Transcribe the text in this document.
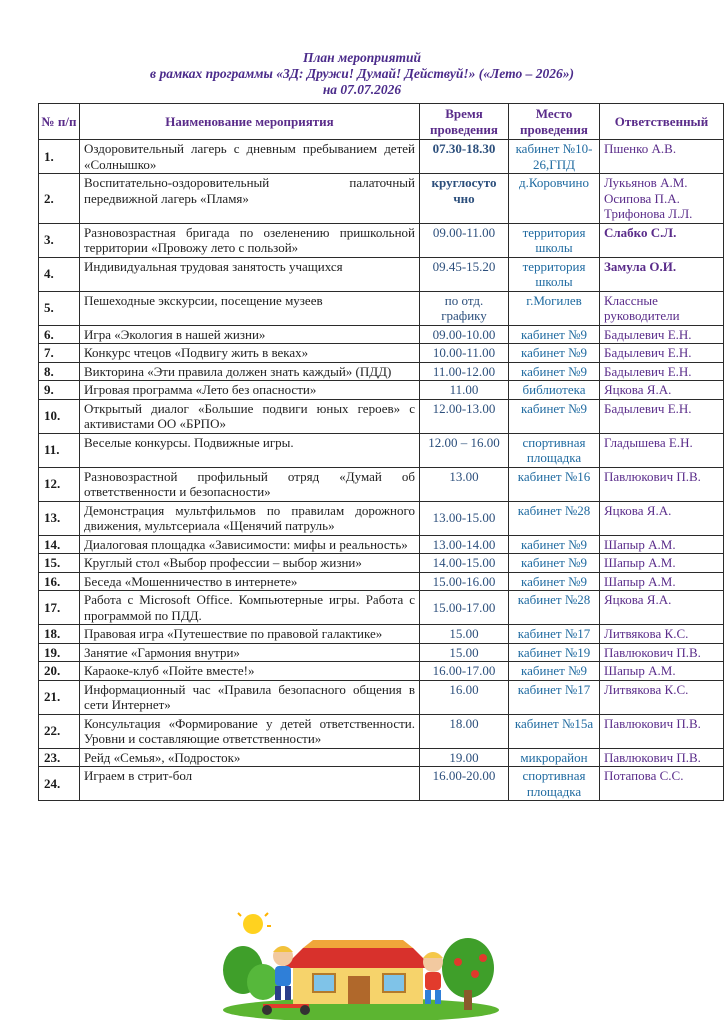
План мероприятий
в рамках программы «3Д: Дружи! Думай! Действуй!» («Лето – 2026»)
на 07.07.2026
№ п/п	Наименование мероприятия	Время проведения	Место проведения	Ответственный
1.	Оздоровительный лагерь с дневным пребыванием детей «Солнышко»	07.30-18.30	кабинет №10-26,ГПД	Пшенко А.В.
2.	Воспитательно-оздоровительный палаточный передвижной лагерь «Пламя»	круглосуто чно	д.Коровчино	Лукьянов А.М. Осипова П.А. Трифонова Л.Л.
3.	Разновозрастная бригада по озеленению пришкольной территории «Провожу лето с пользой»	09.00-11.00	территория школы	Слабко С.Л.
4.	Индивидуальная трудовая занятость учащихся	09.45-15.20	территория школы	Замула О.И.
5.	Пешеходные экскурсии, посещение музеев	по отд. графику	г.Могилев	Классные руководители
6.	Игра «Экология в нашей жизни»	09.00-10.00	кабинет №9	Бадылевич Е.Н.
7.	Конкурс чтецов «Подвигу жить в веках»	10.00-11.00	кабинет №9	Бадылевич Е.Н.
8.	Викторина «Эти правила должен знать каждый» (ПДД)	11.00-12.00	кабинет №9	Бадылевич Е.Н.
9.	Игровая программа «Лето без опасности»	11.00	библиотека	Яцкова Я.А.
10.	Открытый диалог «Большие подвиги юных героев» с активистами ОО «БРПО»	12.00-13.00	кабинет №9	Бадылевич Е.Н.
11.	Веселые конкурсы. Подвижные игры.	12.00 – 16.00	спортивная площадка	Гладышева Е.Н.
12.	Разновозрастной профильный отряд «Думай об ответственности и безопасности»	13.00	кабинет №16	Павлюкович П.В.
13.	Демонстрация мультфильмов по правилам дорожного движения, мультсериала «Щенячий патруль»	13.00-15.00	кабинет №28	Яцкова Я.А.
14.	Диалоговая площадка «Зависимости: мифы и реальность»	13.00-14.00	кабинет №9	Шапыр А.М.
15.	Круглый стол «Выбор профессии – выбор жизни»	14.00-15.00	кабинет №9	Шапыр А.М.
16.	Беседа «Мошенничество в интернете»	15.00-16.00	кабинет №9	Шапыр А.М.
17.	Работа с Microsoft Office. Компьютерные игры. Работа с программой по ПДД.	15.00-17.00	кабинет №28	Яцкова Я.А.
18.	Правовая игра «Путешествие по правовой галактике»	15.00	кабинет №17	Литвякова К.С.
19.	Занятие «Гармония внутри»	15.00	кабинет №19	Павлюкович П.В.
20.	Караоке-клуб «Пойте вместе!»	16.00-17.00	кабинет №9	Шапыр А.М.
21.	Информационный час «Правила безопасного общения в сети Интернет»	16.00	кабинет №17	Литвякова К.С.
22.	Консультация «Формирование у детей ответственности. Уровни и составляющие ответственности»	18.00	кабинет №15а	Павлюкович П.В.
23.	Рейд «Семья», «Подросток»	19.00	микрорайон	Павлюкович П.В.
24.	Играем в стрит-бол	16.00-20.00	спортивная площадка	Потапова С.С.
